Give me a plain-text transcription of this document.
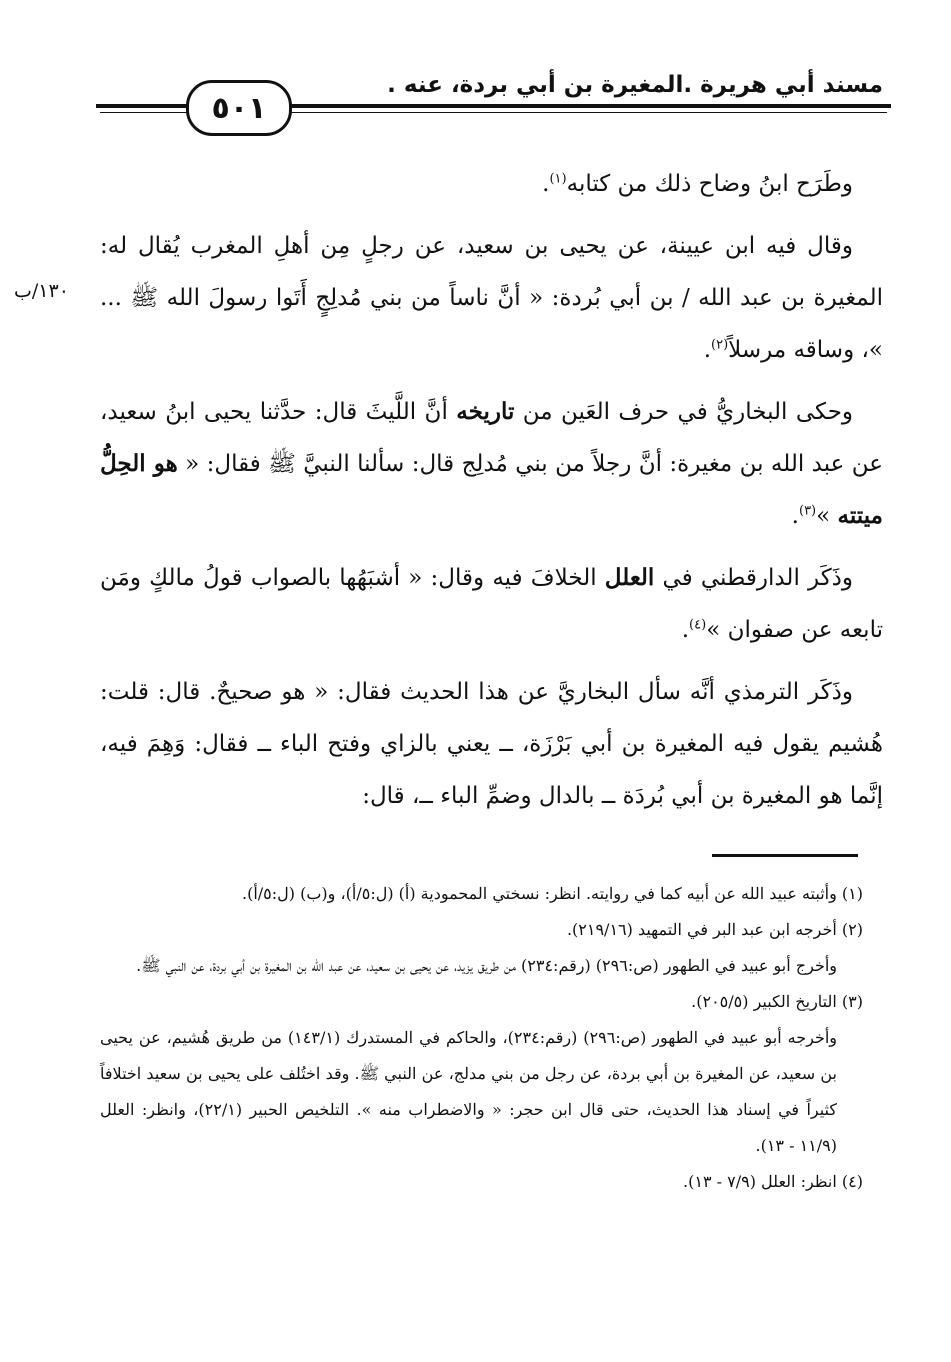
مسند أبي هريرة .المغيرة بن أبي بردة، عنه .
٥٠١
١٣٠/ب

وطَرَح ابنُ وضاح ذلك من كتابه$^{(١)}$.

وقال فيه ابن عيينة، عن يحيى بن سعيد، عن رجلٍ مِن أهلِ المغرب يُقال له: المغيرة بن عبد الله / بن أبي بُردة: « أنَّ ناساً من بني مُدلِجٍ أَتَوا رسولَ الله ﷺ ... »، وساقه مرسلاً$^{(٢)}$.

وحكى البخاريُّ في حرف العَين من تاريخه أنَّ اللَّيثَ قال: حدَّثنا يحيى ابنُ سعيد، عن عبد الله بن مغيرة: أنَّ رجلاً من بني مُدلِج قال: سألنا النبيَّ ﷺ فقال: « هو الحِلُّ ميتته »$^{(٣)}$.

وذَكَر الدارقطني في العلل الخلافَ فيه وقال: « أشبَهُها بالصواب قولُ مالكٍ ومَن تابعه عن صفوان »$^{(٤)}$.

وذَكَر الترمذي أنَّه سأل البخاريَّ عن هذا الحديث فقال: « هو صحيحٌ. قال: قلت: هُشيم يقول فيه المغيرة بن أبي بَرْزَة، ــ يعني بالزاي وفتح الباء ــ فقال: وَهِمَ فيه، إنَّما هو المغيرة بن أبي بُردَة ــ بالدال وضمِّ الباء ــ، قال:

(١) وأثبته عبيد الله عن أبيه كما في روايته. انظر: نسختي المحمودية (أ) (ل:٥/أ)، و(ب) (ل:٥/أ).

(٢) أخرجه ابن عبد البر في التمهيد (٢١٩/١٦).

وأخرج أبو عبيد في الطهور (ص:٢٩٦) (رقم:٢٣٤) من طريق يزيد، عن يحيى بن سعيد، عن عبد الله بن المغيرة بن أبي بردة، عن النبي ﷺ.

(٣) التاريخ الكبير (٢٠٥/٥).

وأخرجه أبو عبيد في الطهور (ص:٢٩٦) (رقم:٢٣٤)، والحاكم في المستدرك (١٤٣/١) من طريق هُشيم، عن يحيى بن سعيد، عن المغيرة بن أبي بردة، عن رجل من بني مدلج، عن النبي ﷺ. وقد اختُلف على يحيى بن سعيد اختلافاً كثيراً في إسناد هذا الحديث، حتى قال ابن حجر: « والاضطراب منه ». التلخيص الحبير (٢٢/١)، وانظر: العلل (١١/٩ - ١٣).

(٤) انظر: العلل (٧/٩ - ١٣).
